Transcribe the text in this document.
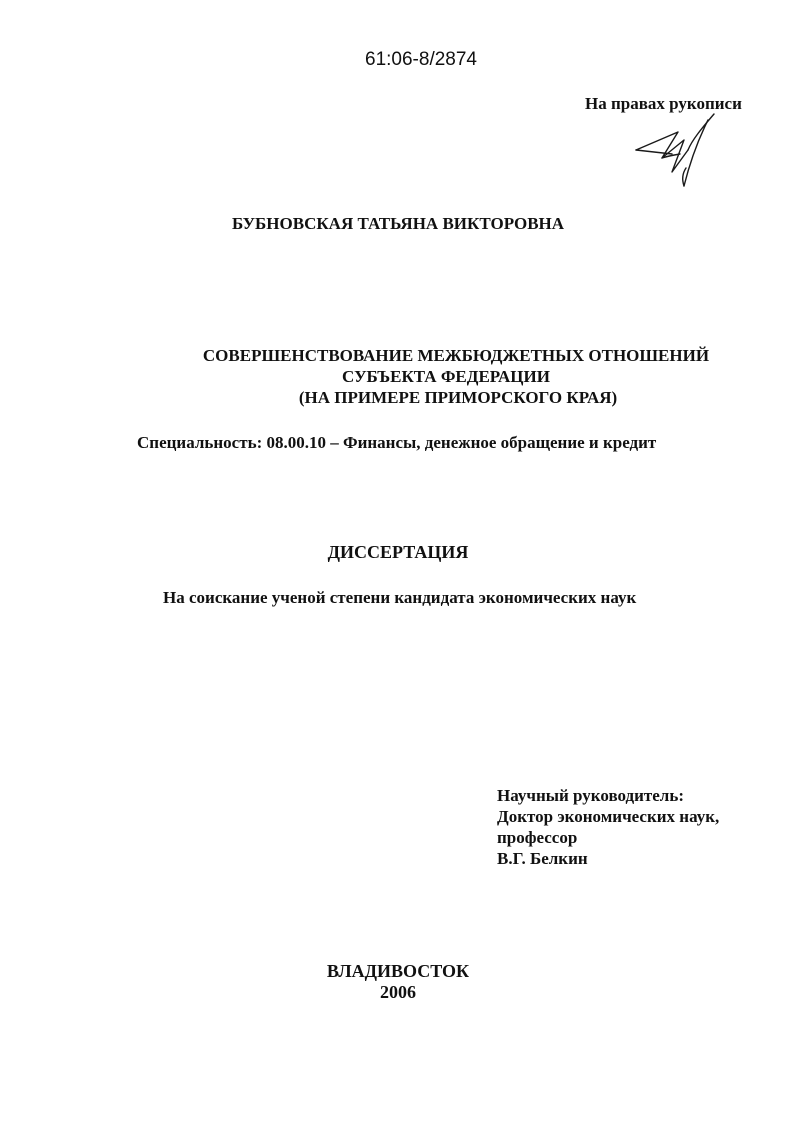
61:06-8/2874
На правах рукописи
БУБНОВСКАЯ ТАТЬЯНА ВИКТОРОВНА
СОВЕРШЕНСТВОВАНИЕ МЕЖБЮДЖЕТНЫХ ОТНОШЕНИЙ
СУБЪЕКТА ФЕДЕРАЦИИ
(НА ПРИМЕРЕ ПРИМОРСКОГО КРАЯ)
Специальность: 08.00.10 – Финансы, денежное обращение и кредит
ДИССЕРТАЦИЯ
На соискание ученой степени кандидата экономических наук
Научный руководитель:
Доктор экономических наук,
профессор
В.Г. Белкин
ВЛАДИВОСТОК
2006
